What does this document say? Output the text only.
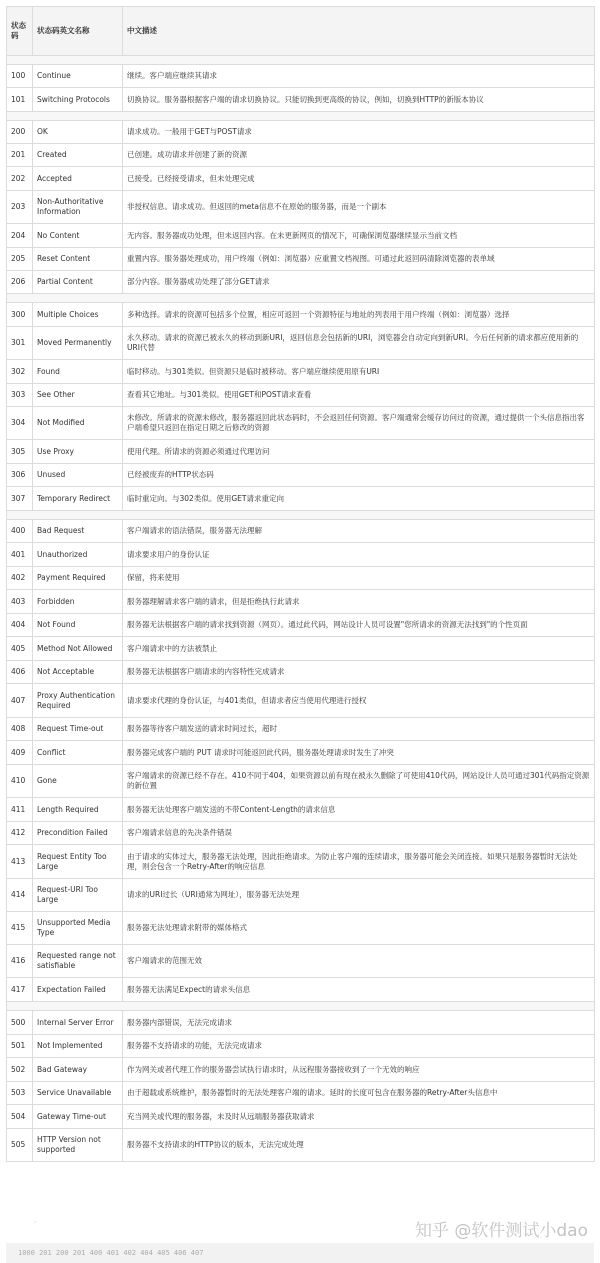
状态码	状态码英文名称	中文描述

100	Continue	继续。客户端应继续其请求
101	Switching Protocols	切换协议。服务器根据客户端的请求切换协议。只能切换到更高级的协议，例如，切换到HTTP的新版本协议

200	OK	请求成功。一般用于GET与POST请求
201	Created	已创建。成功请求并创建了新的资源
202	Accepted	已接受。已经接受请求，但未处理完成
203	Non-Authoritative Information	非授权信息。请求成功。但返回的meta信息不在原始的服务器，而是一个副本
204	No Content	无内容。服务器成功处理，但未返回内容。在未更新网页的情况下，可确保浏览器继续显示当前文档
205	Reset Content	重置内容。服务器处理成功，用户终端（例如：浏览器）应重置文档视图。可通过此返回码清除浏览器的表单域
206	Partial Content	部分内容。服务器成功处理了部分GET请求

300	Multiple Choices	多种选择。请求的资源可包括多个位置，相应可返回一个资源特征与地址的列表用于用户终端（例如：浏览器）选择
301	Moved Permanently	永久移动。请求的资源已被永久的移动到新URI，返回信息会包括新的URI，浏览器会自动定向到新URI。今后任何新的请求都应使用新的URI代替
302	Found	临时移动。与301类似。但资源只是临时被移动。客户端应继续使用原有URI
303	See Other	查看其它地址。与301类似。使用GET和POST请求查看
304	Not Modified	未修改。所请求的资源未修改，服务器返回此状态码时，不会返回任何资源。客户端通常会缓存访问过的资源，通过提供一个头信息指出客户端希望只返回在指定日期之后修改的资源
305	Use Proxy	使用代理。所请求的资源必须通过代理访问
306	Unused	已经被废弃的HTTP状态码
307	Temporary Redirect	临时重定向。与302类似。使用GET请求重定向

400	Bad Request	客户端请求的语法错误，服务器无法理解
401	Unauthorized	请求要求用户的身份认证
402	Payment Required	保留，将来使用
403	Forbidden	服务器理解请求客户端的请求，但是拒绝执行此请求
404	Not Found	服务器无法根据客户端的请求找到资源（网页）。通过此代码，网站设计人员可设置"您所请求的资源无法找到"的个性页面
405	Method Not Allowed	客户端请求中的方法被禁止
406	Not Acceptable	服务器无法根据客户端请求的内容特性完成请求
407	Proxy Authentication Required	请求要求代理的身份认证，与401类似，但请求者应当使用代理进行授权
408	Request Time-out	服务器等待客户端发送的请求时间过长，超时
409	Conflict	服务器完成客户端的 PUT 请求时可能返回此代码，服务器处理请求时发生了冲突
410	Gone	客户端请求的资源已经不存在。410不同于404，如果资源以前有现在被永久删除了可使用410代码，网站设计人员可通过301代码指定资源的新位置
411	Length Required	服务器无法处理客户端发送的不带Content-Length的请求信息
412	Precondition Failed	客户端请求信息的先决条件错误
413	Request Entity Too Large	由于请求的实体过大，服务器无法处理，因此拒绝请求。为防止客户端的连续请求，服务器可能会关闭连接。如果只是服务器暂时无法处理，则会包含一个Retry-After的响应信息
414	Request-URI Too Large	请求的URI过长（URI通常为网址），服务器无法处理
415	Unsupported Media Type	服务器无法处理请求附带的媒体格式
416	Requested range not satisfiable	客户端请求的范围无效
417	Expectation Failed	服务器无法满足Expect的请求头信息

500	Internal Server Error	服务器内部错误，无法完成请求
501	Not Implemented	服务器不支持请求的功能，无法完成请求
502	Bad Gateway	作为网关或者代理工作的服务器尝试执行请求时，从远程服务器接收到了一个无效的响应
503	Service Unavailable	由于超载或系统维护，服务器暂时的无法处理客户端的请求。延时的长度可包含在服务器的Retry-After头信息中
504	Gateway Time-out	充当网关或代理的服务器，未及时从远端服务器获取请求
505	HTTP Version not supported	服务器不支持请求的HTTP协议的版本，无法完成处理
·	知乎 @软件测试小dao
1000 201 200 201 400 401 402 404 405 406 407
